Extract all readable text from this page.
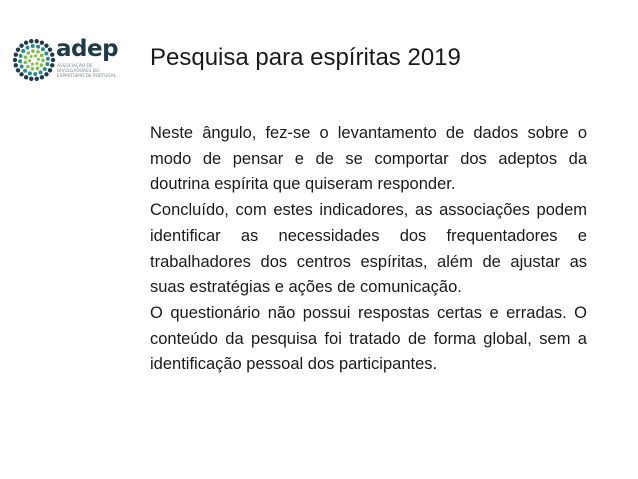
adep
ASSOCIAÇÃO DE DIVULGADORES DO ESPIRITISMO DE PORTUGAL
Pesquisa para espíritas 2019

Neste ângulo, fez-se o levantamento de dados sobre o modo de pensar e de se comportar dos adeptos da doutrina espírita que quiseram responder.

Concluído, com estes indicadores, as associações podem identificar as necessidades dos frequentadores e trabalhadores dos centros espíritas, além de ajustar as suas estratégias e ações de comunicação.

O questionário não possui respostas certas e erradas. O conteúdo da pesquisa foi tratado de forma global, sem a identificação pessoal dos participantes.
